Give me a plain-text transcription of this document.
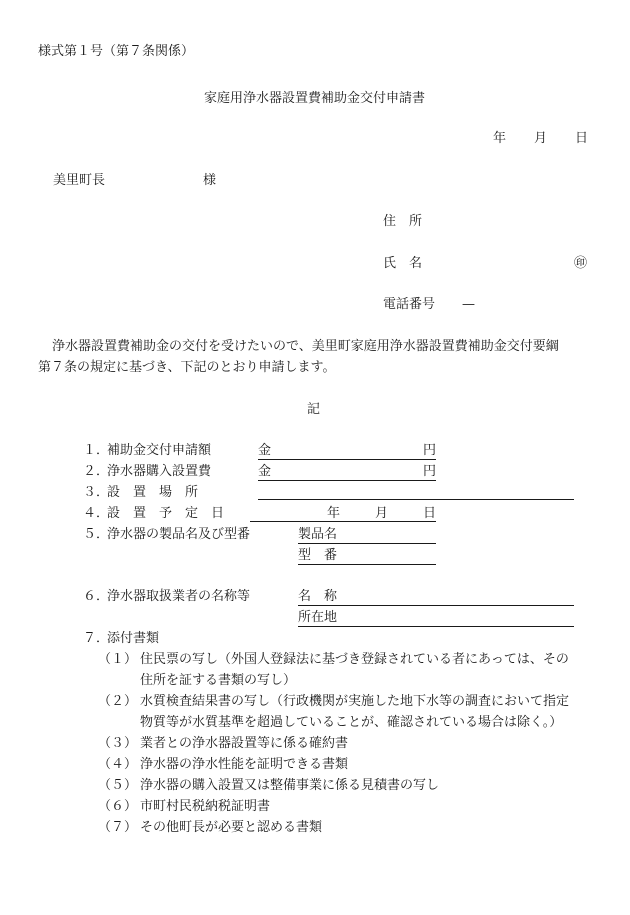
様式第１号（第７条関係）
家庭用浄水器設置費補助金交付申請書
年 月 日
美里町長	様
住　所
氏　名	㊞
電話番号 —
浄水器設置費補助金の交付を受けたいので、美里町家庭用浄水器設置費補助金交付要綱
第７条の規定に基づき、下記のとおり申請します。
記
１．
補助金交付申請額	金	円
２．
浄水器購入設置費	金	円
３．
設　置　場　所
４．
設　置　予　定　日	年	月	日
５．
浄水器の製品名及び型番	製品名
型　番
６．
浄水器取扱業者の名称等	名　称
所在地
７．
添付書類
（１） 住民票の写し（外国人登録法に基づき登録されている者にあっては、その
住所を証する書類の写し）
（２） 水質検査結果書の写し（行政機関が実施した地下水等の調査において指定
物質等が水質基準を超過していることが、確認されている場合は除く。）
（３） 業者との浄水器設置等に係る確約書
（４） 浄水器の浄水性能を証明できる書類
（５） 浄水器の購入設置又は整備事業に係る見積書の写し
（６） 市町村民税納税証明書
（７） その他町長が必要と認める書類
